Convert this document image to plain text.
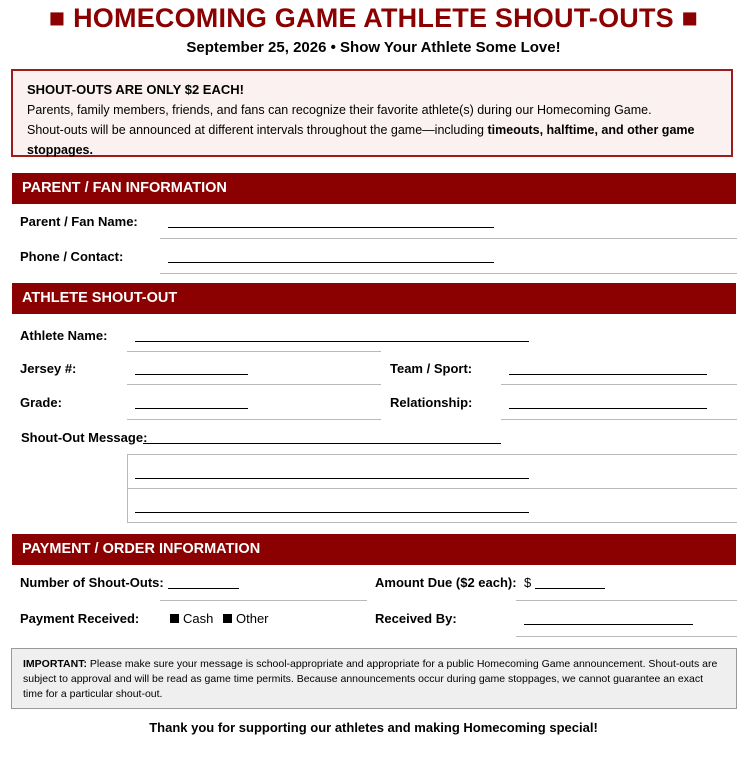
■ HOMECOMING GAME ATHLETE SHOUT-OUTS ■
September 25, 2026 • Show Your Athlete Some Love!
SHOUT-OUTS ARE ONLY $2 EACH!
Parents, family members, friends, and fans can recognize their favorite athlete(s) during our Homecoming Game.
Shout-outs will be announced at different intervals throughout the game—including timeouts, halftime, and other game stoppages.
PARENT / FAN INFORMATION
Parent / Fan Name:
Phone / Contact:
ATHLETE SHOUT-OUT
Athlete Name:
Jersey #:	Team / Sport:
Grade:	Relationship:
Shout-Out Message:
PAYMENT / ORDER INFORMATION
Number of Shout-Outs:	Amount Due ($2 each): $
Payment Received:	Cash	Other	Received By:
IMPORTANT: Please make sure your message is school-appropriate and appropriate for a public Homecoming Game announcement. Shout-outs are subject to approval and will be read as game time permits. Because announcements occur during game stoppages, we cannot guarantee an exact time for a particular shout-out.
Thank you for supporting our athletes and making Homecoming special!
